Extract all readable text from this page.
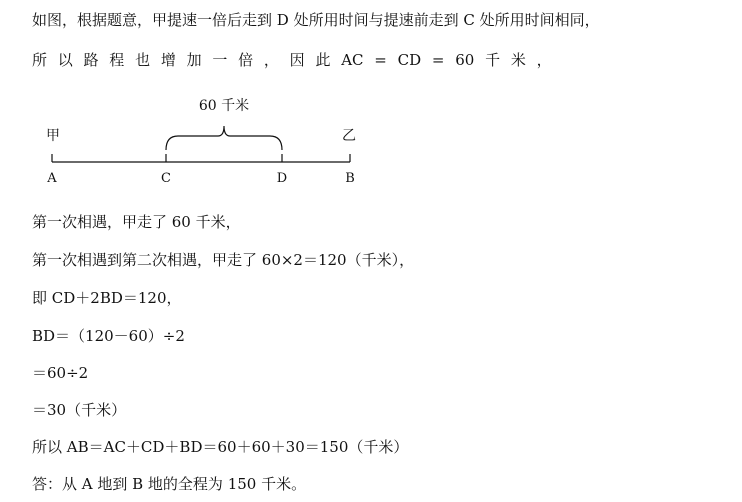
如图，根据题意，甲提速一倍后走到 D 处所用时间与提速前走到 C 处所用时间相同，
所 以 路 程 也 增 加 一 倍 ， 因 此 AC = CD = 60 千 米 ，
60 千米
甲	乙
A	C	D	B
第一次相遇，甲走了 60 千米，
第一次相遇到第二次相遇，甲走了 60×2＝120（千米），
即 CD＋2BD＝120，
BD＝（120－60）÷2
＝60÷2
＝30（千米）
所以 AB＝AC＋CD＋BD＝60＋60＋30＝150（千米）
答：从 A 地到 B 地的全程为 150 千米。
